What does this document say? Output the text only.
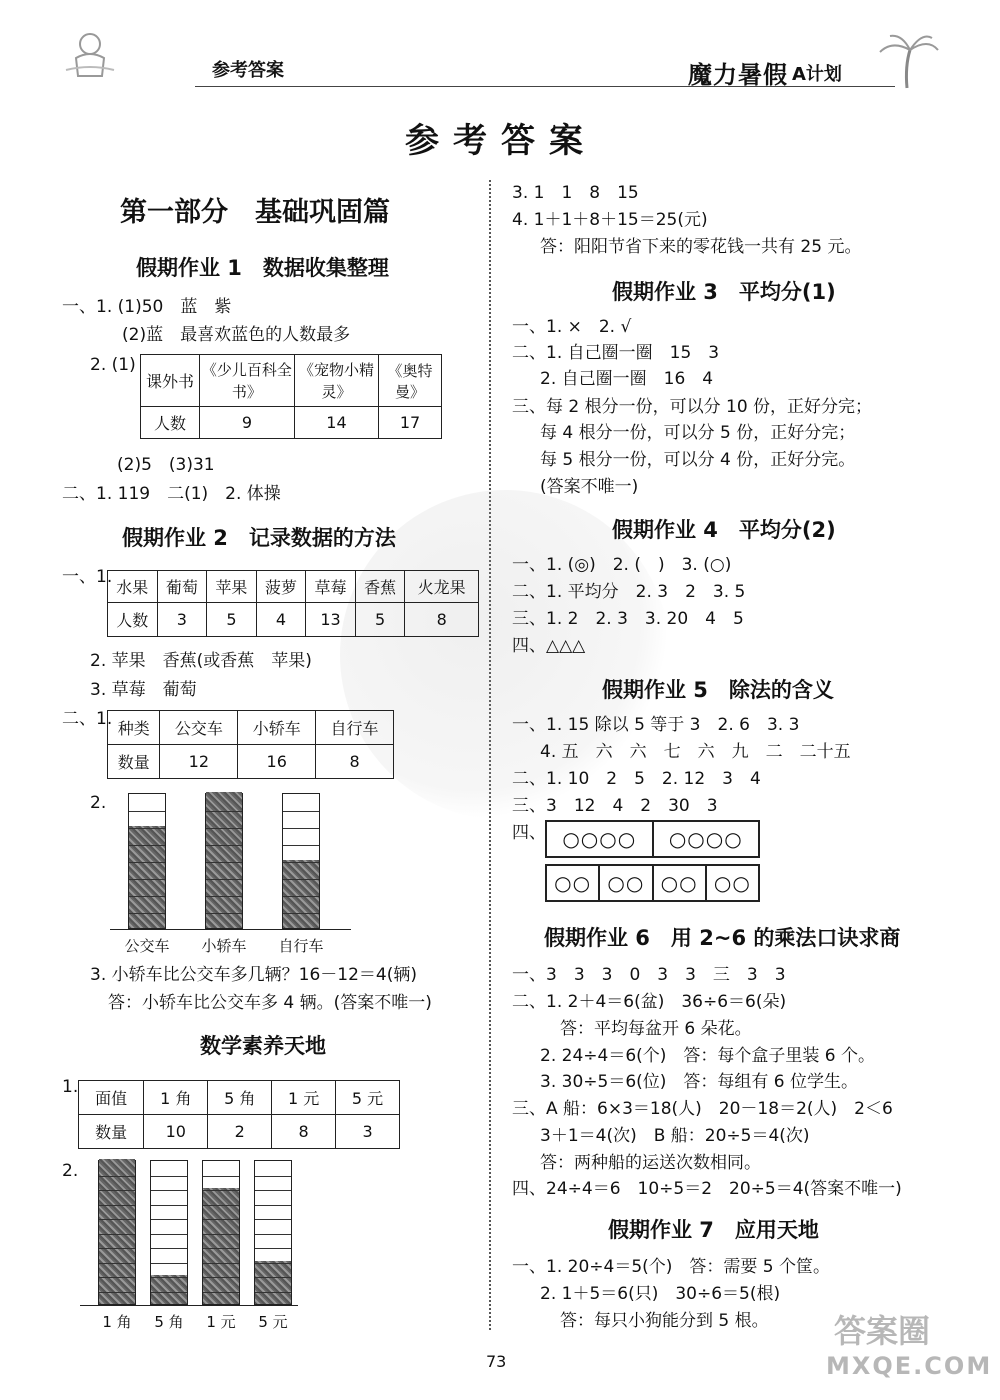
参考答案	魔力暑假 A计划
参考答案
第一部分　基础巩固篇
假期作业 1　数据收集整理
一、1. (1)50　蓝　紫
(2)蓝　最喜欢蓝色的人数最多
2. (1)
课外书	《少儿百科全书》	《宠物小精灵》	《奥特曼》
人数	9	14	17
(2)5　(3)31
二、1. 119　二(1)　2. 体操
假期作业 2　记录数据的方法
一、1.
水果	葡萄	苹果	菠萝	草莓	香蕉	火龙果
人数	3	5	4	13	5	8
2. 苹果　香蕉(或香蕉　苹果)
3. 草莓　葡萄
二、1. 种类	公交车	小轿车	自行车
数量	12	16	8
2.
公交车 小轿车 自行车
3. 小轿车比公交车多几辆？16－12＝4(辆)
答：小轿车比公交车多 4 辆。(答案不唯一)
数学素养天地
1.
面值	1 角	5 角	1 元	5 元
数量	10	2	8	3
2.
1 角	5 角	1 元	5 元
3. 1　1　8　15
4. 1＋1＋8＋15＝25(元)
答：阳阳节省下来的零花钱一共有 25 元。
假期作业 3　平均分(1)
一、1. ×　2. √
二、1. 自己圈一圈　15　3
2. 自己圈一圈　16　4
三、每 2 根分一份，可以分 10 份，正好分完；
每 4 根分一份，可以分 5 份，正好分完；
每 5 根分一份，可以分 4 份，正好分完。
(答案不唯一)
假期作业 4　平均分(2)
一、1. (◎)　2. (　)　3. (○)
二、1. 平均分　2. 3　2　3. 5
三、1. 2　2. 3　3. 20　4　5
四、△△△
假期作业 5　除法的含义
一、1. 15 除以 5 等于 3　2. 6　3. 3
4. 五　六　六　七　六　九　二　二十五
二、1. 10　2　5　2. 12　3　4
三、3　12　4　2　30　3
四、 ○○○○	○○○○
○○ ○○ ○○ ○○
假期作业 6　用 2~6 的乘法口诀求商
一、3　3　3　0　3　3　三　3　3
二、1. 2＋4＝6(盆)　36÷6＝6(朵)
答：平均每盆开 6 朵花。
2. 24÷4＝6(个)　答：每个盒子里装 6 个。
3. 30÷5＝6(位)　答：每组有 6 位学生。
三、A 船：6×3＝18(人)　20－18＝2(人)　2＜6
3＋1＝4(次)　B 船：20÷5＝4(次)
答：两种船的运送次数相同。
四、24÷4＝6　10÷5＝2　20÷5＝4(答案不唯一)
假期作业 7　应用天地
一、1. 20÷4＝5(个)　答：需要 5 个筐。
2. 1＋5＝6(只)　30÷6＝5(根)
答：每只小狗能分到 5 根。
73
答案圈
MXQE.COM
